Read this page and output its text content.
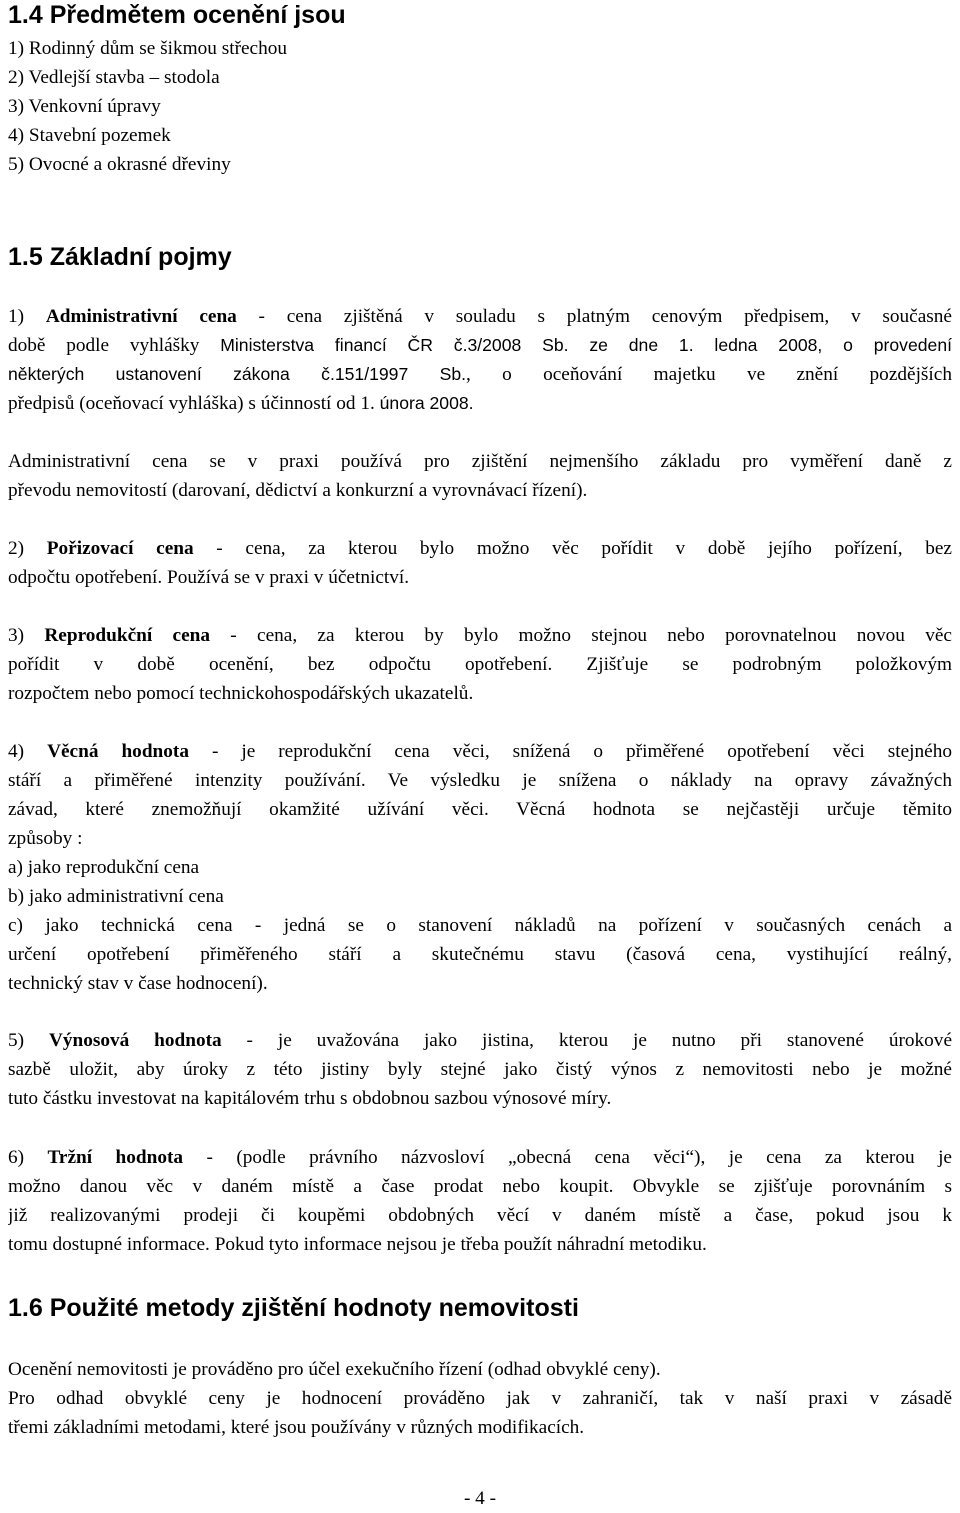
1.4 Předmětem ocenění jsou
1) Rodinný dům se šikmou střechou
2) Vedlejší stavba – stodola
3) Venkovní úpravy
4) Stavební pozemek
5) Ovocné a okrasné dřeviny
1.5 Základní pojmy
1) Administrativní cena - cena zjištěná v souladu s platným cenovým předpisem, v současné
době podle vyhlášky Ministerstva financí ČR č.3/2008 Sb. ze dne 1. ledna 2008, o provedení
některých ustanovení zákona č.151/1997 Sb., o oceňování majetku ve znění pozdějších
předpisů (oceňovací vyhláška) s účinností od 1. února 2008.
Administrativní cena se v praxi používá pro zjištění nejmenšího základu pro vyměření daně z
převodu nemovitostí (darovaní, dědictví a konkurzní a vyrovnávací řízení).
2) Pořizovací cena - cena, za kterou bylo možno věc pořídit v době jejího pořízení, bez
odpočtu opotřebení. Používá se v praxi v účetnictví.
3) Reprodukční cena - cena, za kterou by bylo možno stejnou nebo porovnatelnou novou věc
pořídit v době ocenění, bez odpočtu opotřebení. Zjišťuje se podrobným položkovým
rozpočtem nebo pomocí technickohospodářských ukazatelů.
4) Věcná hodnota - je reprodukční cena věci, snížená o přiměřené opotřebení věci stejného
stáří a přiměřené intenzity používání. Ve výsledku je snížena o náklady na opravy závažných
závad, které znemožňují okamžité užívání věci. Věcná hodnota se nejčastěji určuje těmito
způsoby :
a) jako reprodukční cena
b) jako administrativní cena
c) jako technická cena - jedná se o stanovení nákladů na pořízení v současných cenách a
určení opotřebení přiměřeného stáří a skutečnému stavu (časová cena, vystihující reálný,
technický stav v čase hodnocení).
5) Výnosová hodnota - je uvažována jako jistina, kterou je nutno při stanovené úrokové
sazbě uložit, aby úroky z této jistiny byly stejné jako čistý výnos z nemovitosti nebo je možné
tuto částku investovat na kapitálovém trhu s obdobnou sazbou výnosové míry.
6) Tržní hodnota - (podle právního názvosloví „obecná cena věci“), je cena za kterou je
možno danou věc v daném místě a čase prodat nebo koupit. Obvykle se zjišťuje porovnáním s
již realizovanými prodeji či koupěmi obdobných věcí v daném místě a čase, pokud jsou k
tomu dostupné informace. Pokud tyto informace nejsou je třeba použít náhradní metodiku.
1.6 Použité metody zjištění hodnoty nemovitosti
Ocenění nemovitosti je prováděno pro účel exekučního řízení (odhad obvyklé ceny).
Pro odhad obvyklé ceny je hodnocení prováděno jak v zahraničí, tak v naší praxi v zásadě
třemi základními metodami, které jsou používány v různých modifikacích.
- 4 -
